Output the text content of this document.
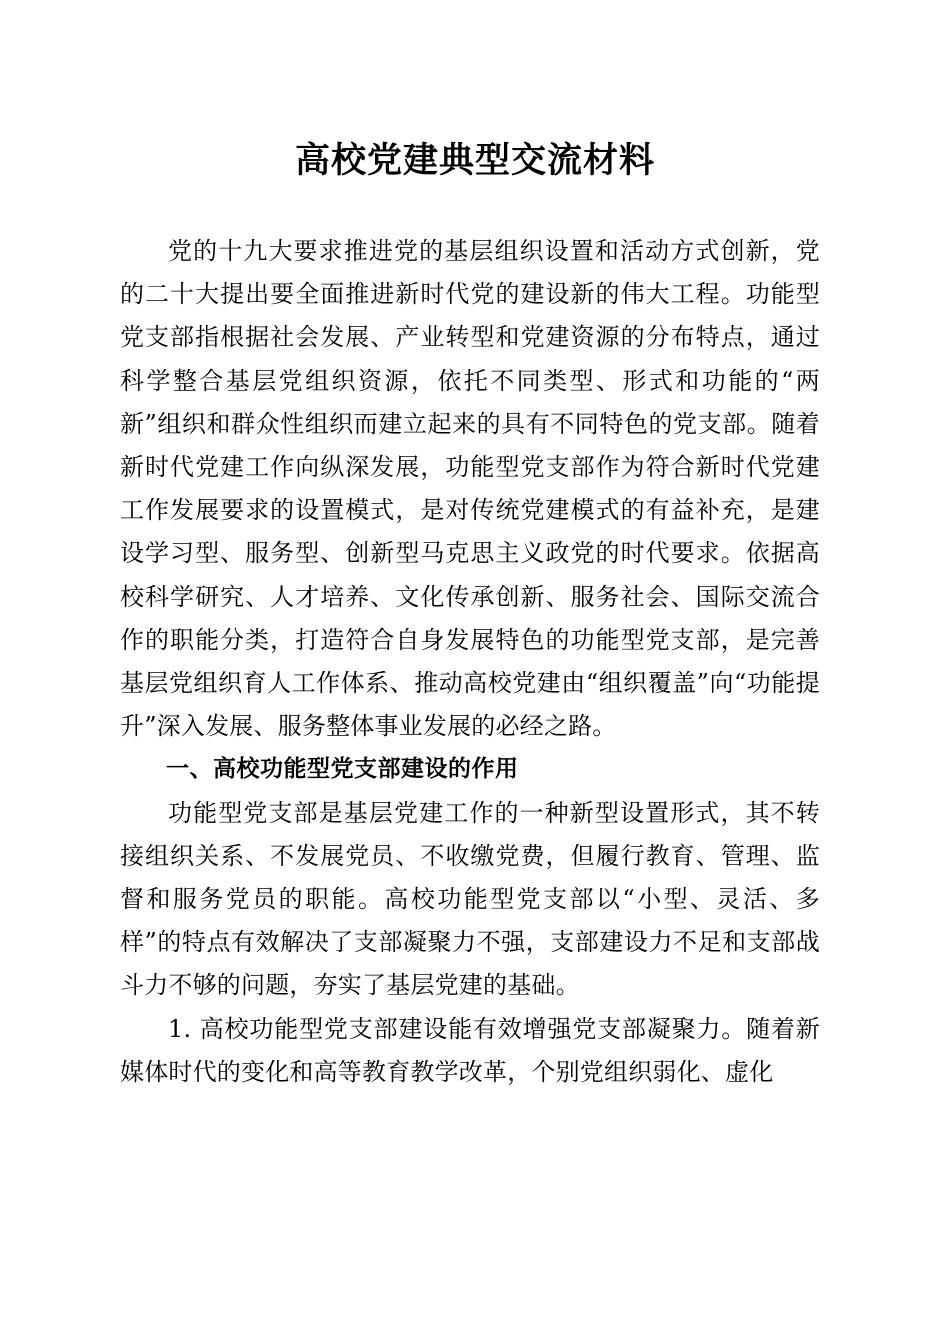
高校党建典型交流材料

党的十九大要求推进党的基层组织设置和活动方式创新，党的二十大提出要全面推进新时代党的建设新的伟大工程。功能型党支部指根据社会发展、产业转型和党建资源的分布特点，通过科学整合基层党组织资源，依托不同类型、形式和功能的“两新”组织和群众性组织而建立起来的具有不同特色的党支部。随着新时代党建工作向纵深发展，功能型党支部作为符合新时代党建工作发展要求的设置模式，是对传统党建模式的有益补充，是建设学习型、服务型、创新型马克思主义政党的时代要求。依据高校科学研究、人才培养、文化传承创新、服务社会、国际交流合作的职能分类，打造符合自身发展特色的功能型党支部，是完善基层党组织育人工作体系、推动高校党建由“组织覆盖”向“功能提升”深入发展、服务整体事业发展的必经之路。

一、高校功能型党支部建设的作用

功能型党支部是基层党建工作的一种新型设置形式，其不转接组织关系、不发展党员、不收缴党费，但履行教育、管理、监督和服务党员的职能。高校功能型党支部以“小型、灵活、多样”的特点有效解决了支部凝聚力不强，支部建设力不足和支部战斗力不够的问题，夯实了基层党建的基础。

1. 高校功能型党支部建设能有效增强党支部凝聚力。随着新媒体时代的变化和高等教育教学改革，个别党组织弱化、虚化
